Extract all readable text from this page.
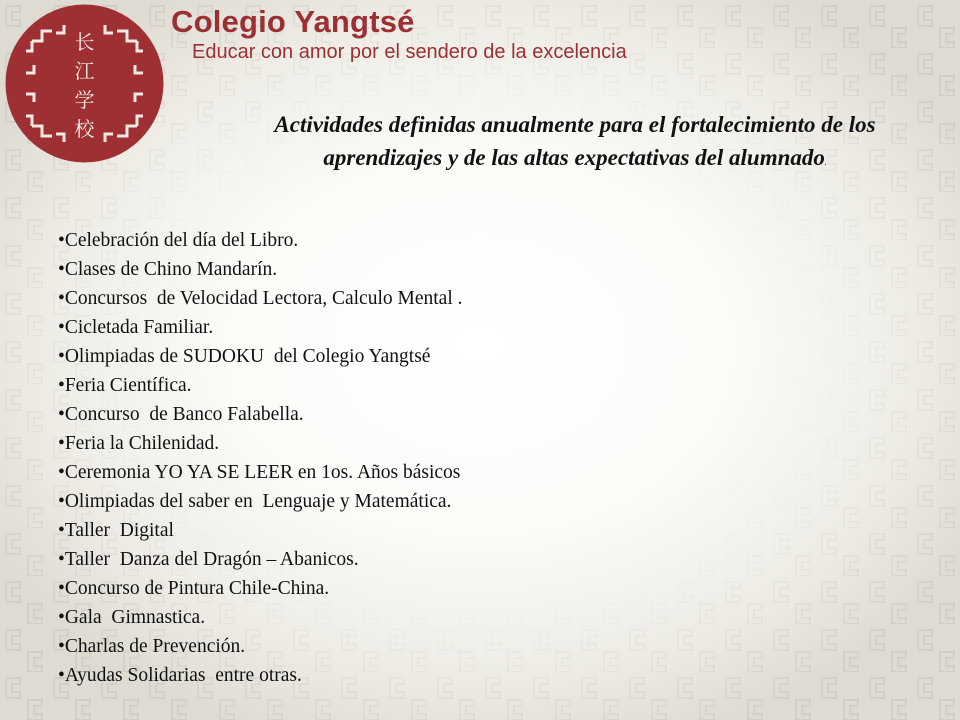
长
江
学
校
Colegio Yangtsé
Educar con amor por el sendero de la excelencia
Actividades definidas anualmente para el fortalecimiento de los
aprendizajes y de las altas expectativas del alumnado.
• Celebración del día del Libro.
• Clases de Chino Mandarín.
• Concursos  de Velocidad Lectora, Calculo Mental .
• Cicletada Familiar.
• Olimpiadas de SUDOKU  del Colegio Yangtsé
• Feria Científica.
• Concurso  de Banco Falabella.
• Feria la Chilenidad.
• Ceremonia YO YA SE LEER en 1os. Años básicos
• Olimpiadas del saber en  Lenguaje y Matemática.
• Taller  Digital
• Taller  Danza del Dragón – Abanicos.
• Concurso de Pintura Chile-China.
• Gala  Gimnastica.
• Charlas de Prevención.
• Ayudas Solidarias  entre otras.
